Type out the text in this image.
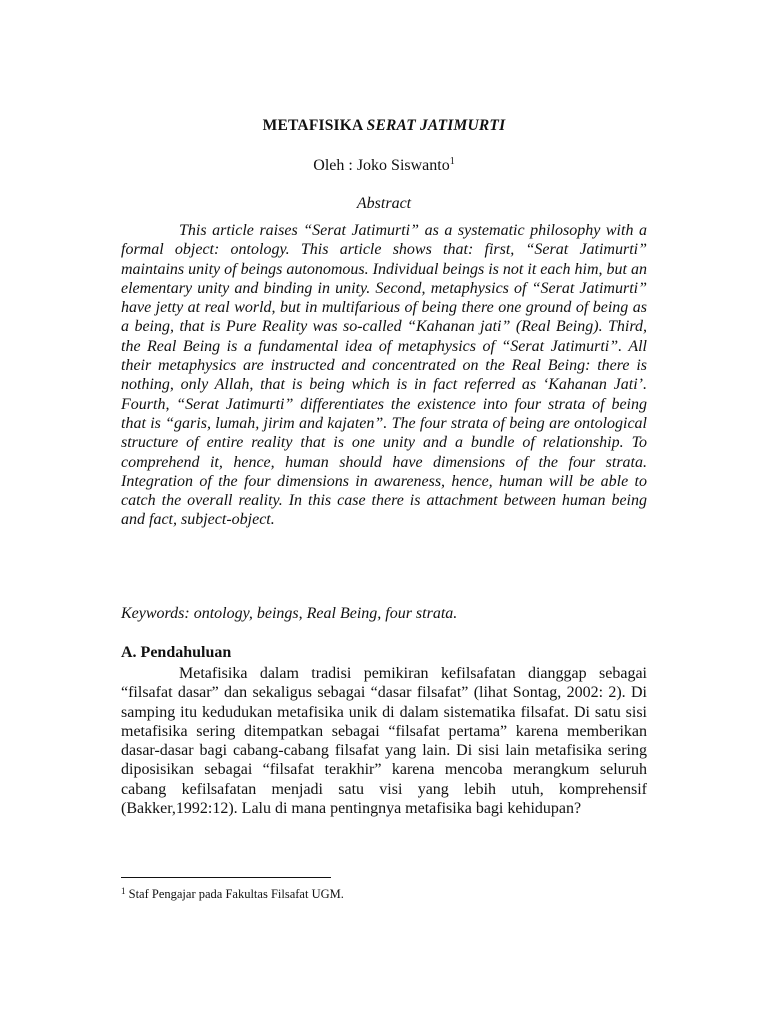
METAFISIKA SERAT JATIMURTI
Oleh : Joko Siswanto$^1$
Abstract

This article raises “Serat Jatimurti” as a systematic philosophy with a formal object: ontology. This article shows that: first, “Serat Jatimurti” maintains unity of beings autonomous. Individual beings is not it each him, but an elementary unity and binding in unity. Second, metaphysics of “Serat Jatimurti” have jetty at real world, but in multifarious of being there one ground of being as a being, that is Pure Reality was so-called “Kahanan jati” (Real Being). Third, the Real Being is a fundamental idea of metaphysics of “Serat Jatimurti”. All their metaphysics are instructed and concentrated on the Real Being: there is nothing, only Allah, that is being which is in fact referred as ‘Kahanan Jati’. Fourth, “Serat Jatimurti” differentiates the existence into four strata of being that is “garis, lumah, jirim and kajaten”. The four strata of being are ontological structure of entire reality that is one unity and a bundle of relationship. To comprehend it, hence, human should have dimensions of the four strata. Integration of the four dimensions in awareness, hence, human will be able to catch the overall reality. In this case there is attachment between human being and fact, subject-object.

Keywords: ontology, beings, Real Being, four strata.
A. Pendahuluan

Metafisika dalam tradisi pemikiran kefilsafatan dianggap sebagai “filsafat dasar” dan sekaligus sebagai “dasar filsafat” (lihat Sontag, 2002: 2). Di samping itu kedudukan metafisika unik di dalam sistematika filsafat. Di satu sisi metafisika sering ditempatkan sebagai “filsafat pertama” karena memberikan dasar-dasar bagi cabang-cabang filsafat yang lain. Di sisi lain metafisika sering diposisikan sebagai “filsafat terakhir” karena mencoba merangkum seluruh cabang kefilsafatan menjadi satu visi yang lebih utuh, komprehensif (Bakker,1992:12). Lalu di mana pentingnya metafisika bagi kehidupan?

$^1$ Staf Pengajar pada Fakultas Filsafat UGM.
